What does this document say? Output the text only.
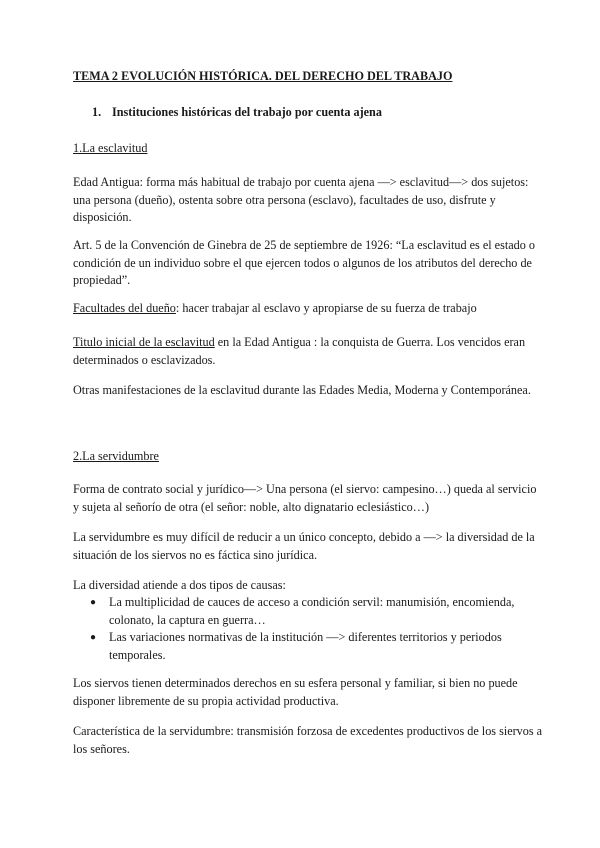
TEMA 2 EVOLUCIÓN HISTÓRICA. DEL DERECHO DEL TRABAJO

1. Instituciones históricas del trabajo por cuenta ajena

1.La esclavitud

Edad Antigua: forma más habitual de trabajo por cuenta ajena —> esclavitud—> dos sujetos: una persona (dueño), ostenta sobre otra persona (esclavo), facultades de uso, disfrute y disposición.

Art. 5 de la Convención de Ginebra de 25 de septiembre de 1926: “La esclavitud es el estado o condición de un individuo sobre el que ejercen todos o algunos de los atributos del derecho de propiedad”.

Facultades del dueño: hacer trabajar al esclavo y apropiarse de su fuerza de trabajo

Titulo inicial de la esclavitud en la Edad Antigua : la conquista de Guerra. Los vencidos eran determinados o esclavizados.

Otras manifestaciones de la esclavitud durante las Edades Media, Moderna y Contemporánea.

2.La servidumbre

Forma de contrato social y jurídico—> Una persona (el siervo: campesino…) queda al servicio y sujeta al señorío de otra (el señor: noble, alto dignatario eclesiástico…)

La servidumbre es muy difícil de reducir a un único concepto, debido a —> la diversidad de la situación de los siervos no es fáctica sino jurídica.

La diversidad atiende a dos tipos de causas:

● La multiplicidad de cauces de acceso a condición servil: manumisión, encomienda, colonato, la captura en guerra…
● Las variaciones normativas de la institución —> diferentes territorios y periodos temporales.

Los siervos tienen determinados derechos en su esfera personal y familiar, si bien no puede disponer libremente de su propia actividad productiva.

Característica de la servidumbre: transmisión forzosa de excedentes productivos de los siervos a los señores.
